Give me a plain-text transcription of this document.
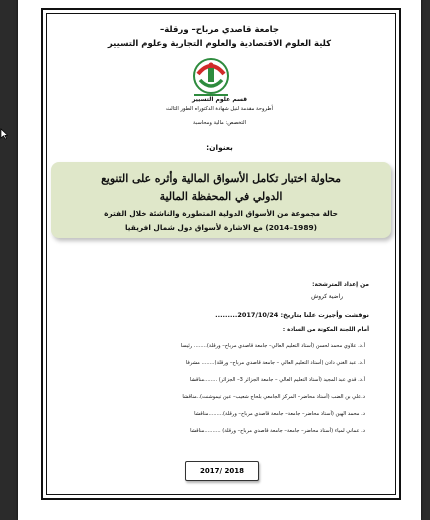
جامعة قاصدي مرباح– ورقلة–
كلية العلوم الاقتصادية والعلوم التجارية وعلوم التسيير
قسم علوم التسيير
أطروحة مقدمة لنيل شهادة الدكتوراه الطور الثالث
التخصص: مالية ومحاسبة
بعنوان:
محاولة اختبار تكامل الأسواق المالية وأثره على التنويع
الدولي في المحفظة المالية
حالة مجموعة من الأسواق الدولية المتطورة والناشئة خلال الفترة
(1989–2014) مع الاشارة لأسواق دول شمال افريقيا
من إعداد المترشحة:
راضية كروش
نوقشت وأجيزت علنا بتاريخ: 2017/10/24.........
أمام اللجنة المكونة من السادة :
أ.د. علاوي محمد لحسن (أستاذ التعليم العالي– جامعة قاصدي مرباح– ورقلة)........ رئيسا
أ.د. عبد الغني دادن (أستاذ التعليم العالي – جامعة قاصدي مرباح– ورقلة)........ مشرفا
أ.د. قدي عبد المجيد (أستاذ التعليم العالي – جامعة الجزائر 3– الجزائر) ........مناقشا
د.علي بن الضب (أستاذ محاضر– المركز الجامعي بلحاج شعيب– عين تيموشنت)..مناقشا
د. محمد الهين (أستاذ محاضر– جامعة– جامعة قاصدي مرباح– ورقلة).........مناقشا
د. عماني لمياء (أستاذ محاضر– جامعة– جامعة قاصدي مرباح– ورقلة) ..........مناقشا
2018 /2017
